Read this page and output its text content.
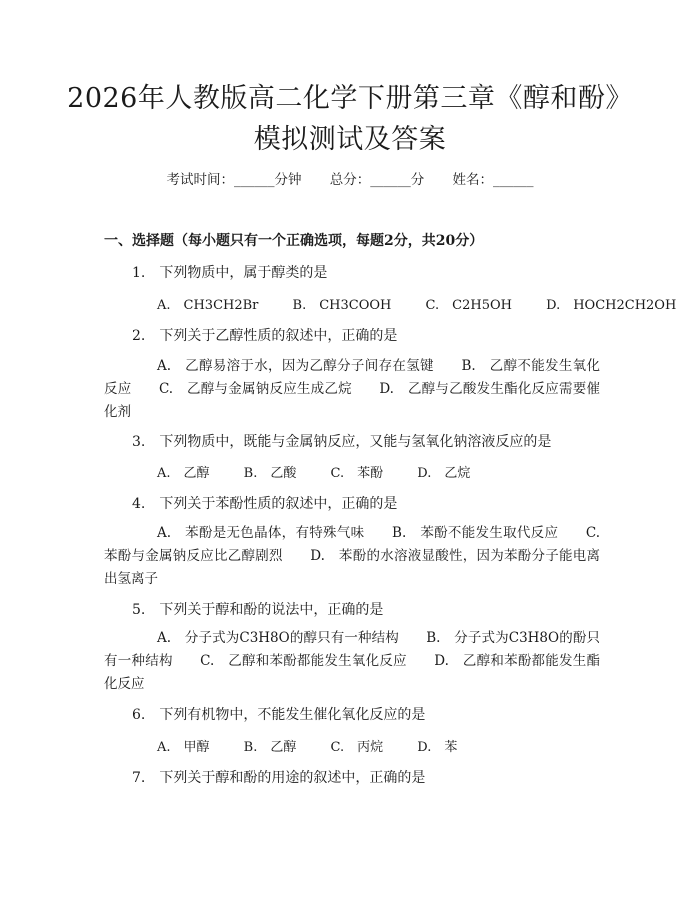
2026年人教版高二化学下册第三章《醇和酚》模拟测试及答案
考试时间：______分钟 总分：______分 姓名：______
一、选择题（每小题只有一个正确选项，每题2分，共20分）
1.　下列物质中，属于醇类的是
A.　CH3CH2Br	B.　CH3COOH	C.　C2H5OH	D.　HOCH2CH2OH
2.　下列关于乙醇性质的叙述中，正确的是
A.　乙醇易溶于水，因为乙醇分子间存在氢键　　B.　乙醇不能发生氧化反应　　C.　乙醇与金属钠反应生成乙烷　　D.　乙醇与乙酸发生酯化反应需要催化剂
3.　下列物质中，既能与金属钠反应，又能与氢氧化钠溶液反应的是
A.　乙醇	B.　乙酸	C.　苯酚	D.　乙烷
4.　下列关于苯酚性质的叙述中，正确的是
A.　苯酚是无色晶体，有特殊气味　　B.　苯酚不能发生取代反应　　C.　苯酚与金属钠反应比乙醇剧烈　　D.　苯酚的水溶液显酸性，因为苯酚分子能电离出氢离子
5.　下列关于醇和酚的说法中，正确的是
A.　分子式为C3H8O的醇只有一种结构　　B.　分子式为C3H8O的酚只有一种结构　　C.　乙醇和苯酚都能发生氧化反应　　D.　乙醇和苯酚都能发生酯化反应
6.　下列有机物中，不能发生催化氧化反应的是
A.　甲醇	B.　乙醇	C.　丙烷	D.　苯
7.　下列关于醇和酚的用途的叙述中，正确的是
